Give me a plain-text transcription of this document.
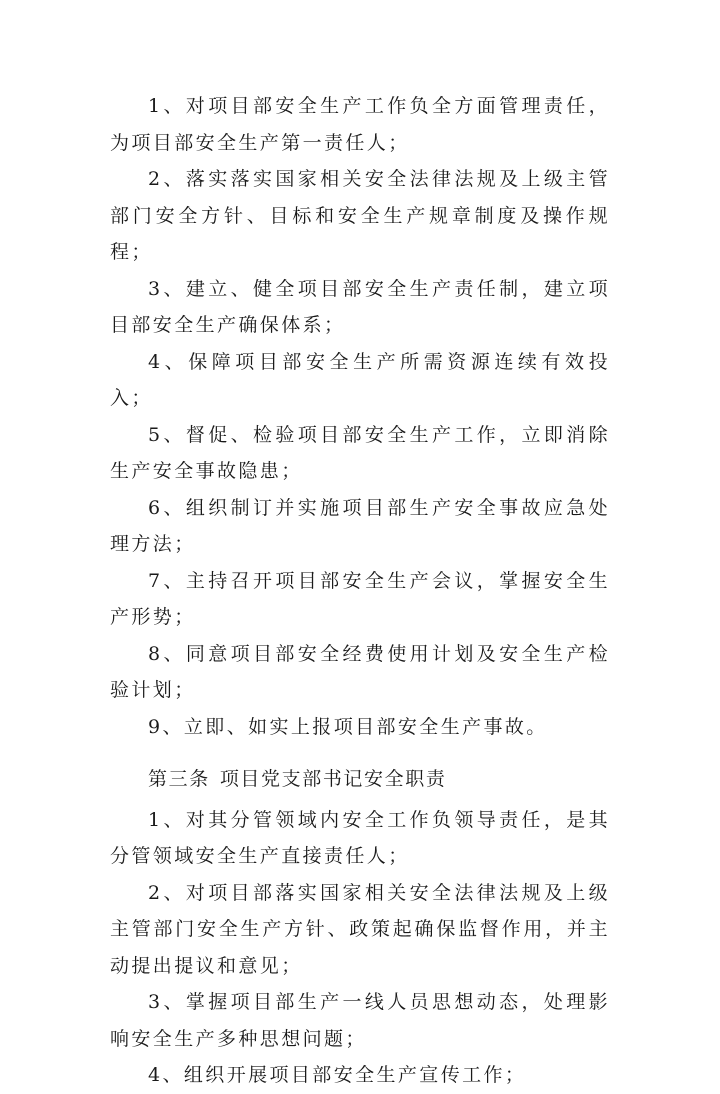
1、对项目部安全生产工作负全方面管理责任，为项目部安全生产第一责任人；

2、落实落实国家相关安全法律法规及上级主管部门安全方针、目标和安全生产规章制度及操作规程；

3、建立、健全项目部安全生产责任制，建立项目部安全生产确保体系；

4、保障项目部安全生产所需资源连续有效投入；

5、督促、检验项目部安全生产工作，立即消除生产安全事故隐患；

6、组织制订并实施项目部生产安全事故应急处理方法；

7、主持召开项目部安全生产会议，掌握安全生产形势；

8、同意项目部安全经费使用计划及安全生产检验计划；

9、立即、如实上报项目部安全生产事故。

第三条 项目党支部书记安全职责

1、对其分管领域内安全工作负领导责任，是其分管领域安全生产直接责任人；

2、对项目部落实国家相关安全法律法规及上级主管部门安全生产方针、政策起确保监督作用，并主动提出提议和意见；

3、掌握项目部生产一线人员思想动态，处理影响安全生产多种思想问题；

4、组织开展项目部安全生产宣传工作；
